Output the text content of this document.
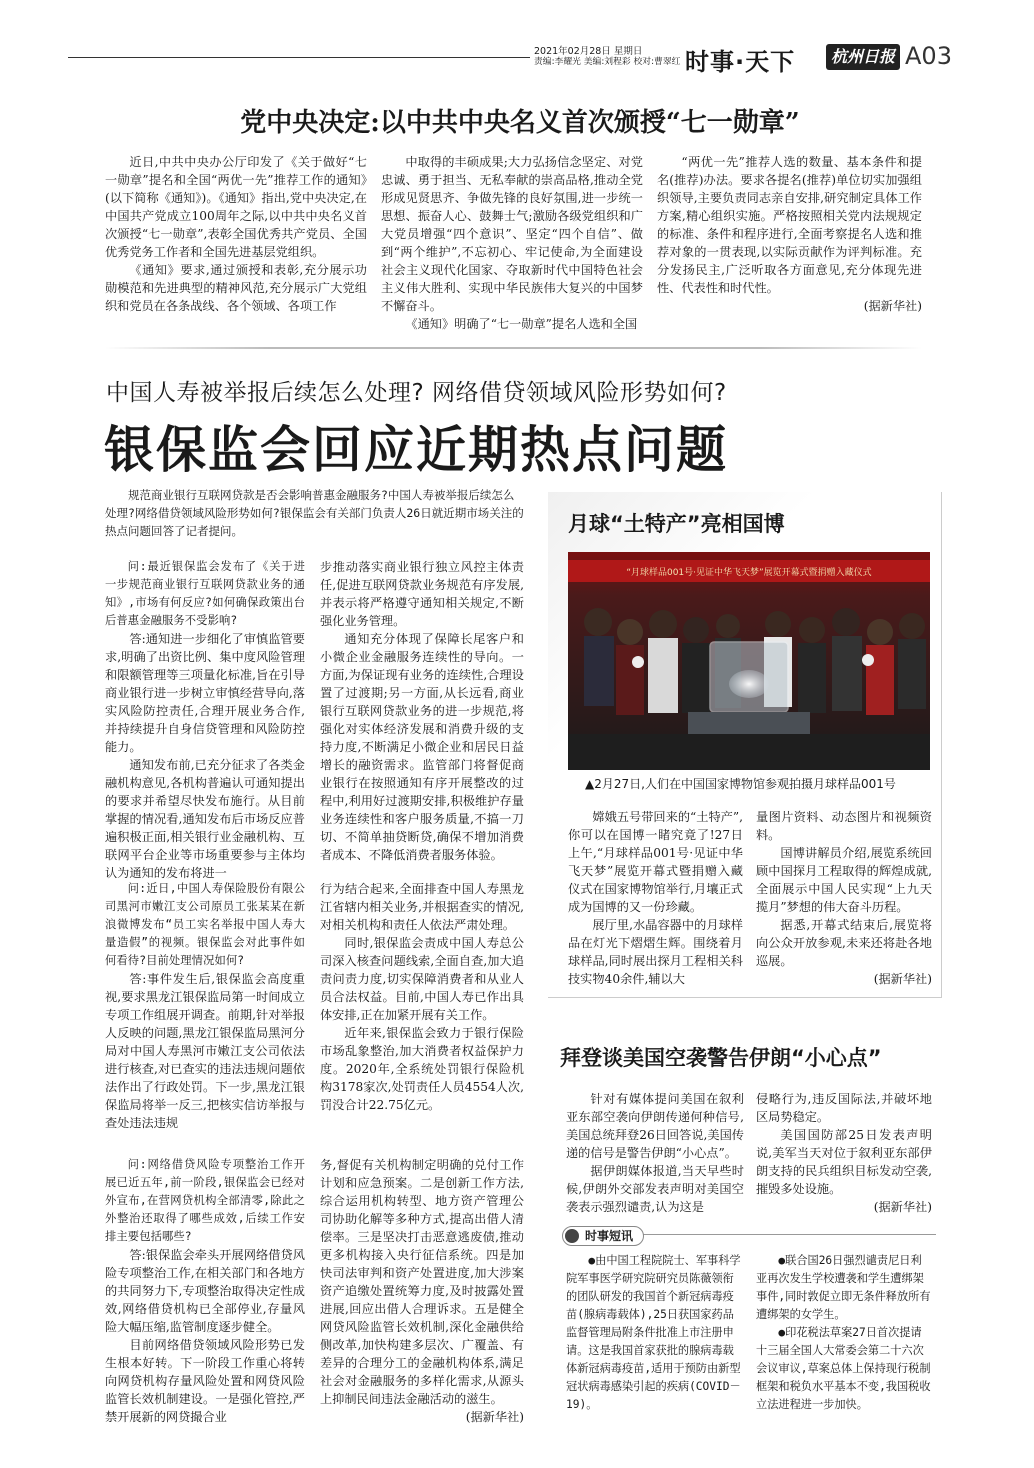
2021年02月28日 星期日
责编:李耀光 美编:刘程彩 校对:曹翠红 时事·天下	杭州日报 A03
党中央决定:以中共中央名义首次颁授“七一勋章”

近日,中共中央办公厅印发了《关于做好“七一勋章”提名和全国“两优一先”推荐工作的通知》(以下简称《通知》)。《通知》指出,党中央决定,在中国共产党成立100周年之际,以中共中央名义首次颁授“七一勋章”,表彰全国优秀共产党员、全国优秀党务工作者和全国先进基层党组织。

《通知》要求,通过颁授和表彰,充分展示功勋模范和先进典型的精神风范,充分展示广大党组织和党员在各条战线、各个领域、各项工作

中取得的丰硕成果;大力弘扬信念坚定、对党忠诚、勇于担当、无私奉献的崇高品格,推动全党形成见贤思齐、争做先锋的良好氛围,进一步统一思想、振奋人心、鼓舞士气;激励各级党组织和广大党员增强“四个意识”、坚定“四个自信”、做到“两个维护”,不忘初心、牢记使命,为全面建设社会主义现代化国家、夺取新时代中国特色社会主义伟大胜利、实现中华民族伟大复兴的中国梦不懈奋斗。

《通知》明确了“七一勋章”提名人选和全国

“两优一先”推荐人选的数量、基本条件和提名(推荐)办法。要求各提名(推荐)单位切实加强组织领导,主要负责同志亲自安排,研究制定具体工作方案,精心组织实施。严格按照相关党内法规规定的标准、条件和程序进行,全面考察提名人选和推荐对象的一贯表现,以实际贡献作为评判标准。充分发扬民主,广泛听取各方面意见,充分体现先进性、代表性和时代性。

(据新华社)

中国人寿被举报后续怎么处理? 网络借贷领域风险形势如何?
银保监会回应近期热点问题

规范商业银行互联网贷款是否会影响普惠金融服务?中国人寿被举报后续怎么处理?网络借贷领域风险形势如何?银保监会有关部门负责人26日就近期市场关注的热点问题回答了记者提问。

问:最近银保监会发布了《关于进一步规范商业银行互联网贷款业务的通知》,市场有何反应?如何确保政策出台后普惠金融服务不受影响?

答:通知进一步细化了审慎监管要求,明确了出资比例、集中度风险管理和限额管理等三项量化标准,旨在引导商业银行进一步树立审慎经营导向,落实风险防控责任,合理开展业务合作,并持续提升自身信贷管理和风险防控能力。

通知发布前,已充分征求了各类金融机构意见,各机构普遍认可通知提出的要求并希望尽快发布施行。从目前掌握的情况看,通知发布后市场反应普遍积极正面,相关银行业金融机构、互联网平台企业等市场重要参与主体均认为通知的发布将进一

步推动落实商业银行独立风控主体责任,促进互联网贷款业务规范有序发展,并表示将严格遵守通知相关规定,不断强化业务管理。

通知充分体现了保障长尾客户和小微企业金融服务连续性的导向。一方面,为保证现有业务的连续性,合理设置了过渡期;另一方面,从长远看,商业银行互联网贷款业务的进一步规范,将强化对实体经济发展和消费升级的支持力度,不断满足小微企业和居民日益增长的融资需求。监管部门将督促商业银行在按照通知有序开展整改的过程中,利用好过渡期安排,积极维护存量业务连续性和客户服务质量,不搞一刀切、不简单抽贷断贷,确保不增加消费者成本、不降低消费者服务体验。

问:近日,中国人寿保险股份有限公司黑河市嫩江支公司原员工张某某在新浪微博发布“员工实名举报中国人寿大量造假”的视频。银保监会对此事件如何看待?目前处理情况如何?

答:事件发生后,银保监会高度重视,要求黑龙江银保监局第一时间成立专项工作组展开调查。前期,针对举报人反映的问题,黑龙江银保监局黑河分局对中国人寿黑河市嫩江支公司依法进行核查,对已查实的违法违规问题依法作出了行政处罚。下一步,黑龙江银保监局将举一反三,把核实信访举报与查处违法违规

行为结合起来,全面排查中国人寿黑龙江省辖内相关业务,并根据查实的情况,对相关机构和责任人依法严肃处理。

同时,银保监会责成中国人寿总公司深入核查问题线索,全面自查,加大追责问责力度,切实保障消费者和从业人员合法权益。目前,中国人寿已作出具体安排,正在加紧开展有关工作。

近年来,银保监会致力于银行保险市场乱象整治,加大消费者权益保护力度。2020年,全系统处罚银行保险机构3178家次,处罚责任人员4554人次,罚没合计22.75亿元。

问:网络借贷风险专项整治工作开展已近五年,前一阶段,银保监会已经对外宣布,在营网贷机构全部清零,除此之外整治还取得了哪些成效,后续工作安排主要包括哪些?

答:银保监会牵头开展网络借贷风险专项整治工作,在相关部门和各地方的共同努力下,专项整治取得决定性成效,网络借贷机构已全部停业,存量风险大幅压缩,监管制度逐步健全。

目前网络借贷领域风险形势已发生根本好转。下一阶段工作重心将转向网贷机构存量风险处置和网贷风险监管长效机制建设。一是强化管控,严禁开展新的网贷撮合业

务,督促有关机构制定明确的兑付工作计划和应急预案。二是创新工作方法,综合运用机构转型、地方资产管理公司协助化解等多种方式,提高出借人清偿率。三是坚决打击恶意逃废债,推动更多机构接入央行征信系统。四是加快司法审判和资产处置进度,加大涉案资产追缴处置统筹力度,及时披露处置进展,回应出借人合理诉求。五是健全网贷风险监管长效机制,深化金融供给侧改革,加快构建多层次、广覆盖、有差异的合理分工的金融机构体系,满足社会对金融服务的多样化需求,从源头上抑制民间违法金融活动的滋生。

(据新华社)

月球“土特产”亮相国博
“月球样品001号·见证中华飞天梦”展览开幕式暨捐赠入藏仪式

▲2月27日,人们在中国国家博物馆参观拍摄月球样品001号

嫦娥五号带回来的“土特产”,你可以在国博一睹究竟了!27日上午,“月球样品001号·见证中华飞天梦”展览开幕式暨捐赠入藏仪式在国家博物馆举行,月壤正式成为国博的又一份珍藏。

展厅里,水晶容器中的月球样品在灯光下熠熠生辉。围绕着月球样品,同时展出探月工程相关科技实物40余件,辅以大

量图片资料、动态图片和视频资料。

国博讲解员介绍,展览系统回顾中国探月工程取得的辉煌成就,全面展示中国人民实现“上九天揽月”梦想的伟大奋斗历程。

据悉,开幕式结束后,展览将向公众开放参观,未来还将赴各地巡展。

(据新华社)

拜登谈美国空袭警告伊朗“小心点”

针对有媒体提问美国在叙利亚东部空袭向伊朗传递何种信号,美国总统拜登26日回答说,美国传递的信号是警告伊朗“小心点”。

据伊朗媒体报道,当天早些时候,伊朗外交部发表声明对美国空袭表示强烈谴责,认为这是

侵略行为,违反国际法,并破坏地区局势稳定。

美国国防部25日发表声明说,美军当天对位于叙利亚东部伊朗支持的民兵组织目标发动空袭,摧毁多处设施。

(据新华社)

时事短讯

●由中国工程院院士、军事科学院军事医学研究院研究员陈薇领衔的团队研发的我国首个新冠病毒疫苗(腺病毒载体),25日获国家药品监督管理局附条件批准上市注册申请。这是我国首家获批的腺病毒载体新冠病毒疫苗,适用于预防由新型冠状病毒感染引起的疾病(COVID－19)。

●联合国26日强烈谴责尼日利亚再次发生学校遭袭和学生遭绑架事件,同时敦促立即无条件释放所有遭绑架的女学生。

●印花税法草案27日首次提请十三届全国人大常委会第二十六次会议审议,草案总体上保持现行税制框架和税负水平基本不变,我国税收立法进程进一步加快。
